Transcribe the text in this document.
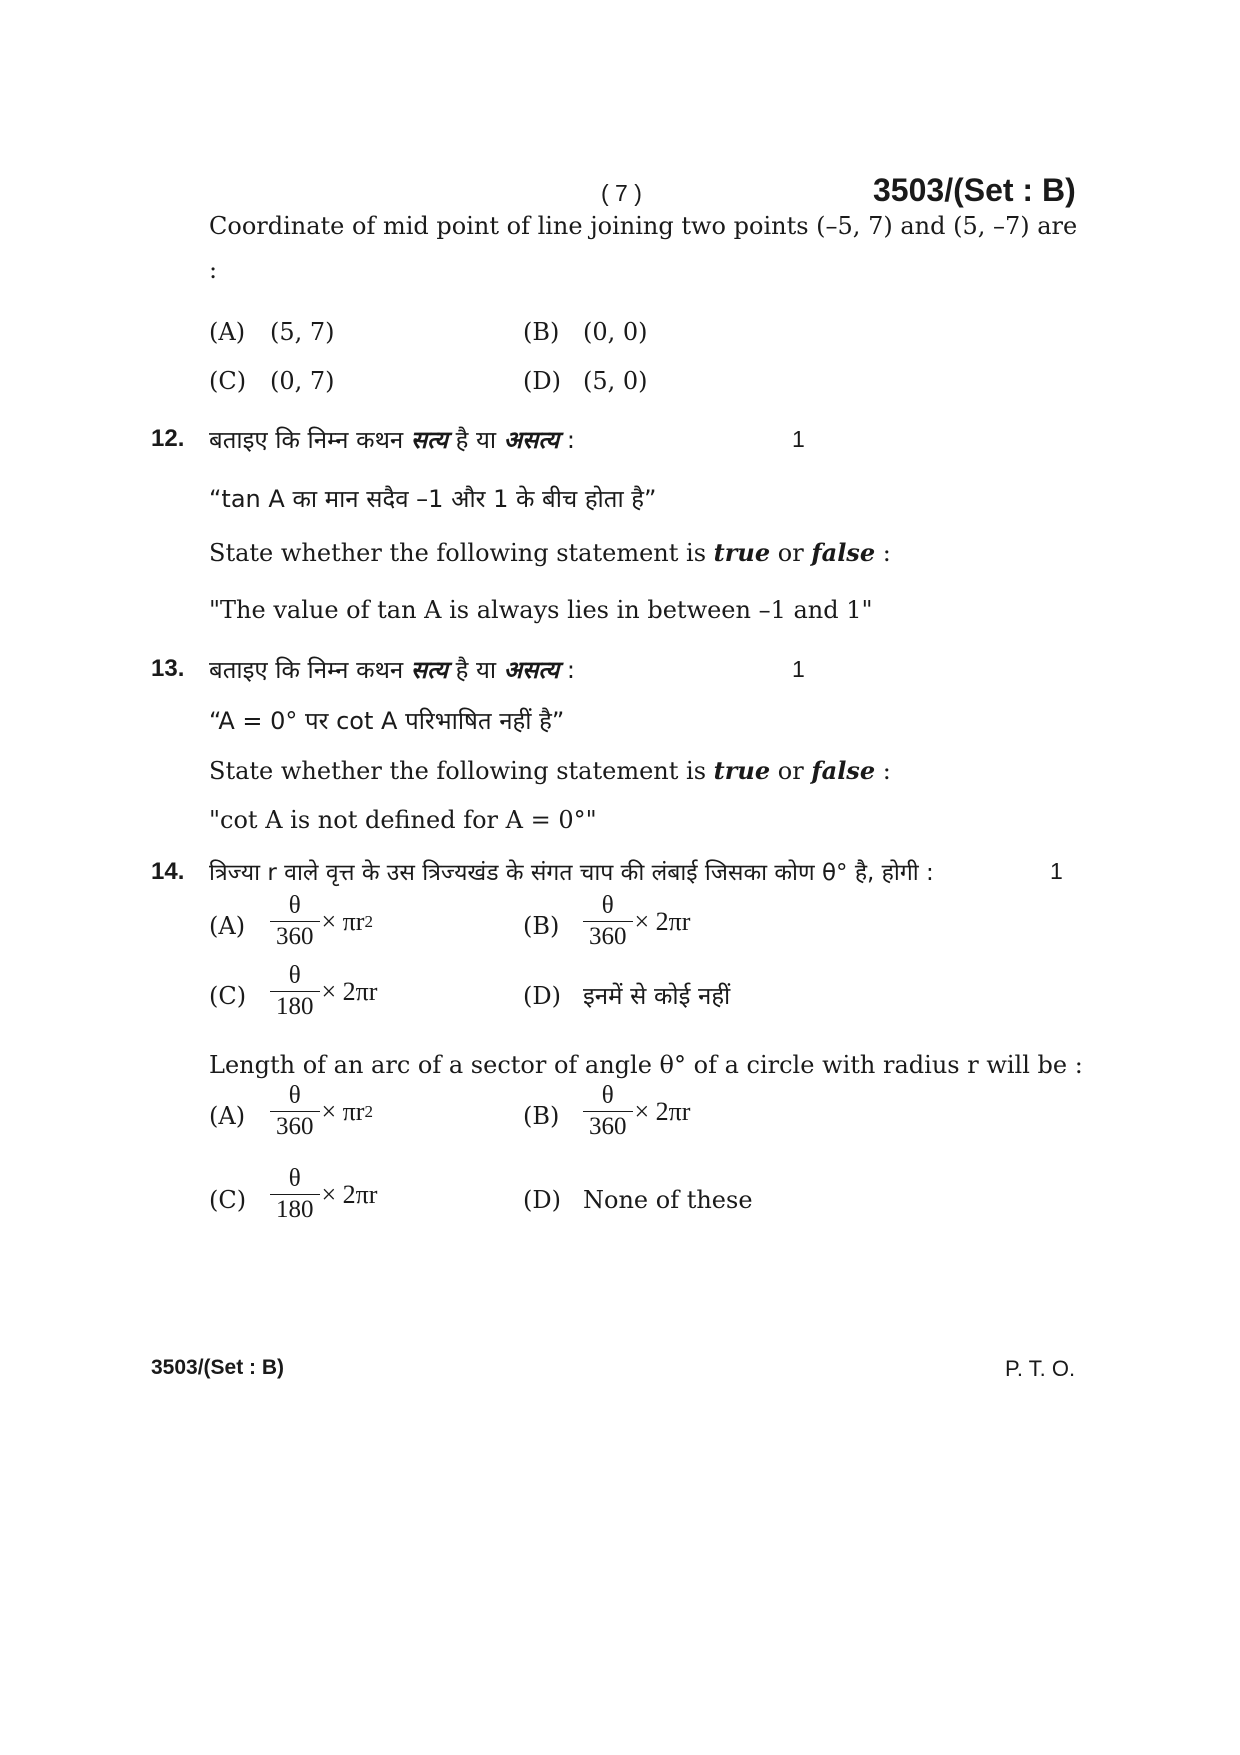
( 7 )	3503/(Set : B)
Coordinate of mid point of line joining two points (–5, 7) and (5, –7) are
:
(A) (5, 7)	(B) (0, 0)
(C) (0, 7)	(D) (5, 0)
12. बताइए कि निम्न कथन सत्य है या असत्य :	1
“tan A का मान सदैव –1 और 1 के बीच होता है”
State whether the following statement is true or false :
"The value of tan A is always lies in between –1 and 1"
13. बताइए कि निम्न कथन सत्य है या असत्य :	1
“A = 0° पर cot A परिभाषित नहीं है”
State whether the following statement is true or false :
"cot A is not defined for A = 0°"
14. त्रिज्या r वाले वृत्त के उस त्रिज्यखंड के संगत चाप की लंबाई जिसका कोण θ° है, होगी :	1
$(A) \frac{\theta}{360} \times \pi r$ 2	$(B) \frac{\theta}{360} \times 2\pi r$
$(C) \frac{\theta}{180} \times 2\pi r$	(D) इनमें से कोई नहीं
Length of an arc of a sector of angle θ° of a circle with radius r will be :
$(A) \frac{\theta}{360} \times \pi r$ 2	$(B) \frac{\theta}{360} \times 2\pi r$
$(C) \frac{\theta}{180} \times 2\pi r$	(D) None of these
3503/(Set : B)	P. T. O.
